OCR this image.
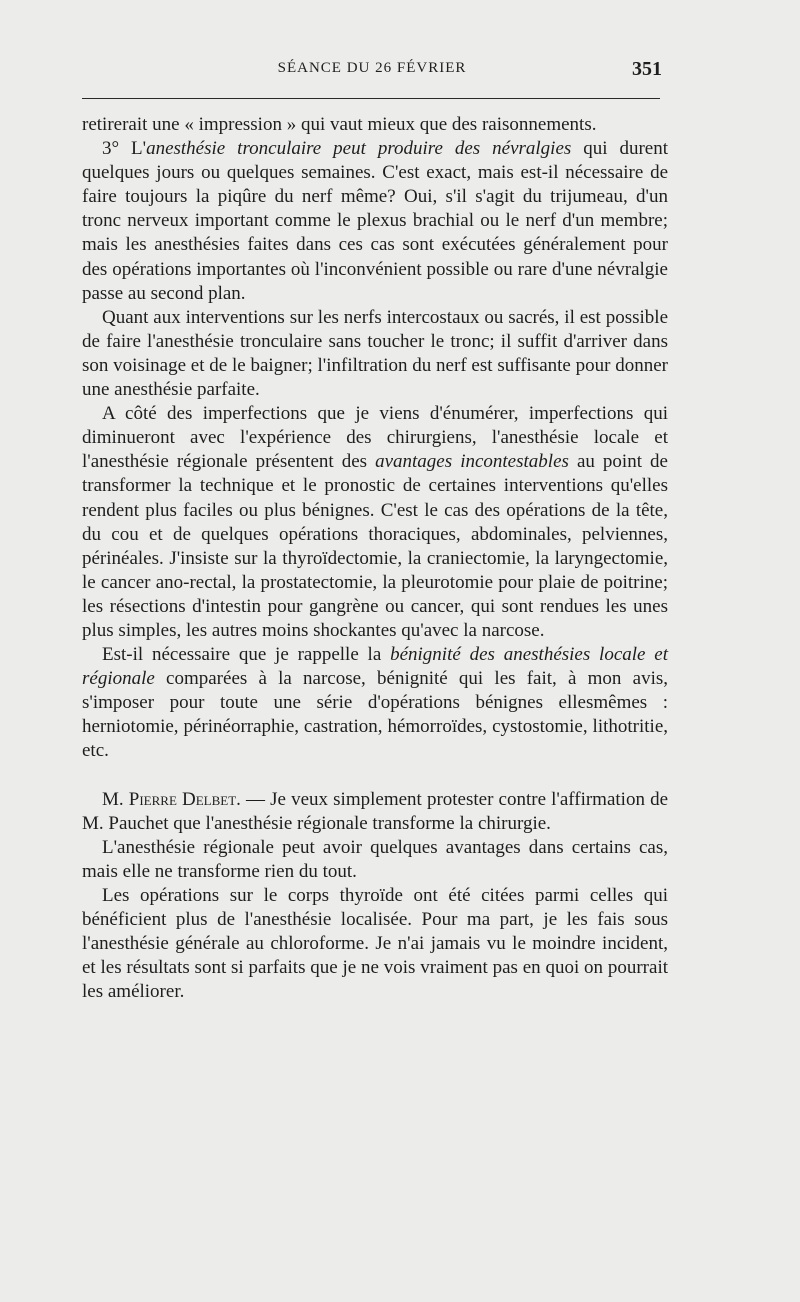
SÉANCE DU 26 FÉVRIER	351

retirerait une « impression » qui vaut mieux que des raisonnements.

3° L'anesthésie tronculaire peut produire des névralgies qui durent quelques jours ou quelques semaines. C'est exact, mais est-il nécessaire de faire toujours la piqûre du nerf même? Oui, s'il s'agit du trijumeau, d'un tronc nerveux important comme le plexus brachial ou le nerf d'un membre; mais les anesthésies faites dans ces cas sont exécutées généralement pour des opérations importantes où l'inconvénient possible ou rare d'une névralgie passe au second plan.

Quant aux interventions sur les nerfs intercostaux ou sacrés, il est possible de faire l'anesthésie tronculaire sans toucher le tronc; il suffit d'arriver dans son voisinage et de le baigner; l'infiltration du nerf est suffisante pour donner une anesthésie parfaite.

A côté des imperfections que je viens d'énumérer, imperfections qui diminueront avec l'expérience des chirurgiens, l'anesthésie locale et l'anesthésie régionale présentent des avantages incontestables au point de transformer la technique et le pronostic de certaines interventions qu'elles rendent plus faciles ou plus bénignes. C'est le cas des opérations de la tête, du cou et de quelques opérations thoraciques, abdominales, pelviennes, périnéales. J'insiste sur la thyroïdectomie, la craniectomie, la laryngectomie, le cancer ano-rectal, la prostatectomie, la pleurotomie pour plaie de poitrine; les résections d'intestin pour gangrène ou cancer, qui sont rendues les unes plus simples, les autres moins shockantes qu'avec la narcose.

Est-il nécessaire que je rappelle la bénignité des anesthésies locale et régionale comparées à la narcose, bénignité qui les fait, à mon avis, s'imposer pour toute une série d'opérations bénignes ellesmêmes : herniotomie, périnéorraphie, castration, hémorroïdes, cystostomie, lithotritie, etc.

M. Pierre Delbet. — Je veux simplement protester contre l'affirmation de M. Pauchet que l'anesthésie régionale transforme la chirurgie.

L'anesthésie régionale peut avoir quelques avantages dans certains cas, mais elle ne transforme rien du tout.

Les opérations sur le corps thyroïde ont été citées parmi celles qui bénéficient plus de l'anesthésie localisée. Pour ma part, je les fais sous l'anesthésie générale au chloroforme. Je n'ai jamais vu le moindre incident, et les résultats sont si parfaits que je ne vois vraiment pas en quoi on pourrait les améliorer.
